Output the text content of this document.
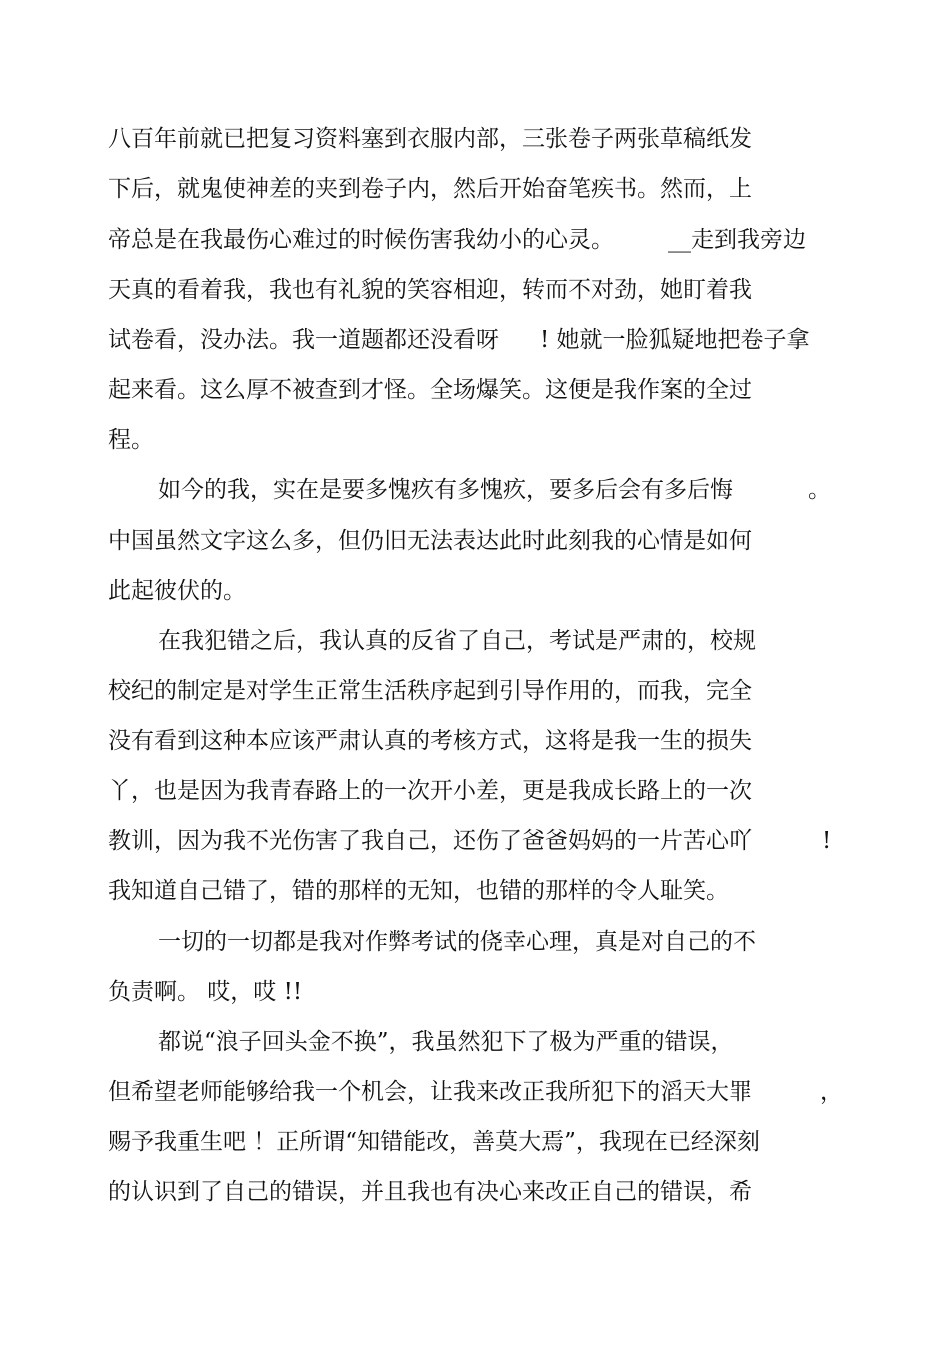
八百年前就已把复习资料塞到衣服内部，三张卷子两张草稿纸发
下后，就鬼使神差的夹到卷子内，然后开始奋笔疾书。然而，上
帝总是在我最伤心难过的时候伤害我幼小的心灵。 __走到我旁边
天真的看着我，我也有礼貌的笑容相迎，转而不对劲，她盯着我
试卷看，没办法。我一道题都还没看呀 ! 她就一脸狐疑地把卷子拿
起来看。这么厚不被查到才怪。全场爆笑。这便是我作案的全过
程。
如今的我，实在是要多愧疚有多愧疚，要多后会有多后悔	。
中国虽然文字这么多，但仍旧无法表达此时此刻我的心情是如何
此起彼伏的。
在我犯错之后，我认真的反省了自己，考试是严肃的，校规
校纪的制定是对学生正常生活秩序起到引导作用的，而我，完全
没有看到这种本应该严肃认真的考核方式，这将是我一生的损失
丫，也是因为我青春路上的一次开小差，更是我成长路上的一次
教训，因为我不光伤害了我自己，还伤了爸爸妈妈的一片苦心吖	!
我知道自己错了，错的那样的无知，也错的那样的令人耻笑。
一切的一切都是我对作弊考试的侥幸心理，真是对自己的不
负责啊。 哎，哎 !!
都说“浪子回头金不换”，我虽然犯下了极为严重的错误，
但希望老师能够给我一个机会，让我来改正我所犯下的滔天大罪	，
赐予我重生吧 ！正所谓“知错能改，善莫大焉”，我现在已经深刻
的认识到了自己的错误，并且我也有决心来改正自己的错误，希
